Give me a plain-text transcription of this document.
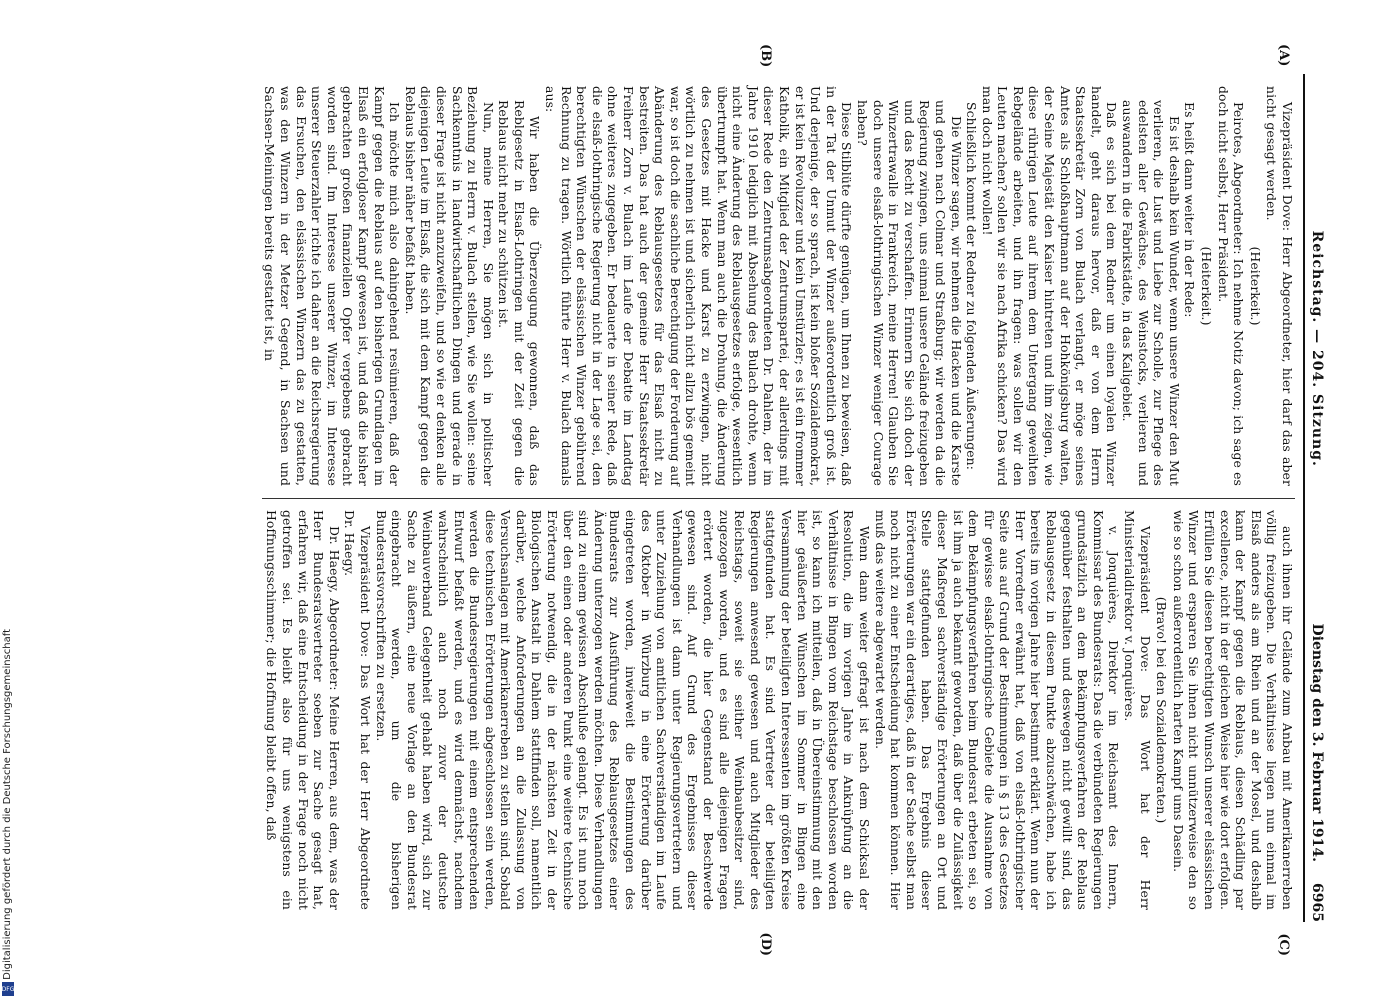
Reichstag. — 204. Sitzung.
Dienstag den 3. Februar 1914.
6965
(A)
(B)

Vizepräsident Dove: Herr Abgeordneter, hier darf das aber nicht gesagt werden.

(Heiterkeit.)

Peirotes, Abgeordneter: Ich nehme Notiz davon; ich sage es doch nicht selbst, Herr Präsident.

(Heiterkeit.)

Es heißt dann weiter in der Rede:

Es ist deshalb kein Wunder, wenn unsere Winzer den Mut verlieren, die Lust und Liebe zur Scholle, zur Pflege des edelsten aller Gewächse, des Weinstocks, verlieren und auswandern in die Fabrikstädte, in das Kaligebiet.

Daß es sich bei dem Redner um einen loyalen Winzer handelt, geht daraus hervor, daß er von dem Herrn Staatssekretär Zorn von Bulach verlangt, er möge seines Amtes als Schloßhauptmann auf der Hohkönigsburg walten, der Seine Majestät den Kaiser hintreten und ihm zeigen, wie diese rührigen Leute auf ihrem dem Untergang geweihten Rebgelände arbeiten, und ihn fragen: was sollen wir den Leuten machen? sollen wir sie nach Afrika schicken? Das wird man doch nicht wollen!

Schließlich kommt der Redner zu folgenden Äußerungen:

Die Winzer sagen, wir nehmen die Hacken und die Karste und gehen nach Colmar und Straßburg; wir werden da die Regierung zwingen, uns einmal unsere Gelände freizugeben und das Recht zu verschaffen. Erinnern Sie sich doch der Winzertrawalle in Frankreich, meine Herren! Glauben Sie doch unsere elsaß-lothringischen Winzer weniger Courage haben?

Diese Stilblüte dürfte genügen, um Ihnen zu beweisen, daß in der Tat der Unmut der Winzer außerordentlich groß ist. Und derjenige, der so sprach, ist kein bloßer Sozialdemokrat, er ist kein Revoluzzer und kein Umstürzler; es ist ein frommer Katholik, ein Mitglied der Zentrumspartei, der allerdings mit dieser Rede den Zentrumsabgeordneten Dr. Dahlem, der im Jahre 1910 lediglich mit Absehung des Bulach drohte, wenn nicht eine Änderung des Reblausgesetzes erfolge, wesentlich übertrumpft hat. Wenn man auch die Drohung, die Änderung des Gesetzes mit Hacke und Karst zu erzwingen, nicht wörtlich zu nehmen ist und sicherlich nicht allzu bös gemeint war, so ist doch die sachliche Berechtigung der Forderung auf Abänderung des Reblausgesetzes für das Elsaß nicht zu bestreiten. Das hat auch der gemeine Herr Staatssekretär Freiherr Zorn v. Bulach im Laufe der Debatte im Landtag ohne weiteres zugegeben. Er bedauerte in seiner Rede, daß die elsaß-lothringische Regierung nicht in der Lage sei, den berechtigten Wünschen der elsässischen Winzer gebührend Rechnung zu tragen. Wörtlich führte Herr v. Bulach damals aus:

Wir haben die Überzeugung gewonnen, daß das Reblgesetz in Elsaß-Lothringen mit der Zeit gegen die Reblaus nicht mehr zu schützen ist.

Nun, meine Herren, Sie mögen sich in politischer Beziehung zu Herrn v. Bulach stellen, wie Sie wollen: seine Sachkenntnis in landwirtschaftlichen Dingen und gerade in dieser Frage ist nicht anzuzweifeln, und so wie er denken alle diejenigen Leute im Elsaß, die sich mit dem Kampf gegen die Reblaus bisher näher befaßt haben.

Ich möchte mich also dahingehend resümieren, daß der Kampf gegen die Reblaus auf den bisherigen Grundlagen im Elsaß ein erfolgloser Kampf gewesen ist, und daß die bisher gebrachten großen finanziellen Opfer vergebens gebracht worden sind. Im Interesse unserer Winzer, im Interesse unserer Steuerzahler richte ich daher an die Reichsregierung das Ersuchen, den elsässischen Winzern das zu gestatten, was den Winzern in der Metzer Gegend, in Sachsen und Sachsen-Meiningen bereits gestattet ist, in

(C)
(D)

auch ihnen ihr Gelände zum Anbau mit Amerikanerreben völlig freizugeben. Die Verhältnisse liegen nun einmal im Elsaß anders als am Rhein und an der Mosel, und deshalb kann der Kampf gegen die Reblaus, diesen Schädling par excellence, nicht in der gleichen Weise hier wie dort erfolgen. Erfüllen Sie diesen berechtigten Wunsch unserer elsässischen Winzer und ersparen Sie ihnen nicht unnützerweise den so wie so schon außerordentlich harten Kampf ums Dasein.

(Bravo! bei den Sozialdemokraten.)

Vizepräsident Dove: Das Wort hat der Herr Ministerialdirektor v. Jonquières.

v. Jonquières, Direktor im Reichsamt des Innern, Kommissar des Bundesrats: Das die verbündeten Regierungen grundsätzlich an dem Bekämpfungsverfahren der Reblaus gegenüber festhalten und deswegen nicht gewillt sind, das Reblausgesetz in diesem Punkte abzuschwächen, habe ich bereits im vorigen Jahre hier bestimmt erklärt. Wenn nun der Herr Vorredner erwähnt hat, daß von elsaß-lothringischer Seite aus auf Grund der Bestimmungen in § 13 des Gesetzes für gewisse elsaß-lothringische Gebiete die Ausnahme von dem Bekämpfungsverfahren beim Bundesrat erbeten sei, so ist ihm ja auch bekannt geworden, daß über die Zulässigkeit dieser Maßregel sachverständige Erörterungen an Ort und Stelle stattgefunden haben. Das Ergebnis dieser Erörterungen war ein derartiges, daß in der Sache selbst man noch nicht zu einer Entscheidung hat kommen können. Hier muß das weitere abgewartet werden.

Wenn dann weiter gefragt ist nach dem Schicksal der Resolution, die im vorigen Jahre in Anknüpfung an die Verhältnisse in Bingen vom Reichstage beschlossen worden ist, so kann ich mitteilen, daß in Übereinstimmung mit den hier geäußerten Wünschen im Sommer in Bingen eine Versammlung der beteiligten Interessenten im größten Kreise stattgefunden hat. Es sind Vertreter der beteiligten Regierungen anwesend gewesen und auch Mitglieder des Reichstags, soweit sie seither Weinbaubesitzer sind, zugezogen worden, und es sind alle diejenigen Fragen erörtert worden, die hier Gegenstand der Beschwerde gewesen sind. Auf Grund des Ergebnisses dieser Verhandlungen ist dann unter Regierungsvertretern und unter Zuziehung von amtlichen Sachverständigen im Laufe des Oktober in Würzburg in eine Erörterung darüber eingetreten worden, inwieweit die Bestimmungen des Bundesrats zur Ausführung des Reblausgesetzes einer Änderung unterzogen werden möchten. Diese Verhandlungen sind zu einem gewissen Abschluße gelangt. Es ist nun noch über den einen oder anderen Punkt eine weitere technische Erörterung notwendig, die in der nächsten Zeit in der Biologischen Anstalt in Dahlem stattfinden soll, namentlich darüber, welche Anforderungen an die Zulassung von Versuchsanlagen mit Amerikanerreben zu stellen sind. Sobald diese technischen Erörterungen abgeschlossen sein werden, werden die Bundesregierungen mit einem entsprechenden Entwurf befaßt werden, und es wird demnächst, nachdem wahrscheinlich auch noch zuvor der deutsche Weinbauverband Gelegenheit gehabt haben wird, sich zur Sache zu äußern, eine neue Vorlage an den Bundesrat eingebracht werden, um die bisherigen Bundesratsvorschriften zu ersetzen.

Vizepräsident Dove: Das Wort hat der Herr Abgeordnete Dr. Haegy.

Dr. Haegy, Abgeordneter: Meine Herren, aus dem, was der Herr Bundesratsvertreter soeben zur Sache gesagt hat, erfahren wir, daß eine Entscheidung in der Frage noch nicht getroffen sei. Es bleibt also für uns wenigstens ein Hoffnungsschimmer; die Hoffnung bleibt offen, daß

Digitalisierung gefördert durch die Deutsche Forschungsgemeinschaft
DFG
